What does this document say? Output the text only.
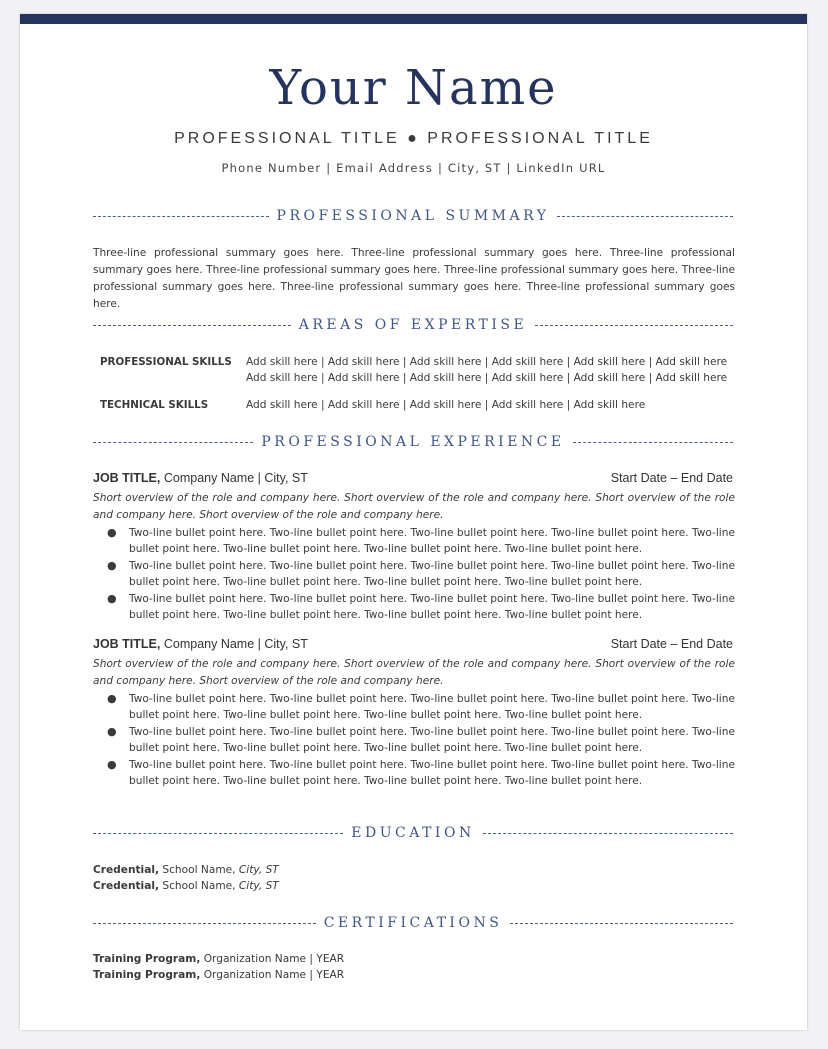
Your Name
PROFESSIONAL TITLE ● PROFESSIONAL TITLE
Phone Number | Email Address | City, ST | LinkedIn URL
PROFESSIONAL SUMMARY
Three-line professional summary goes here. Three-line professional summary goes here. Three-line professional summary goes here. Three-line professional summary goes here. Three-line professional summary goes here. Three-line professional summary goes here. Three-line professional summary goes here. Three-line professional summary goes here.
AREAS OF EXPERTISE
PROFESSIONAL SKILLS	Add skill here | Add skill here | Add skill here | Add skill here | Add skill here | Add skill here Add skill here | Add skill here | Add skill here | Add skill here | Add skill here | Add skill here
TECHNICAL SKILLS	Add skill here | Add skill here | Add skill here | Add skill here | Add skill here
PROFESSIONAL EXPERIENCE
JOB TITLE, Company Name | City, ST	Start Date – End Date
Short overview of the role and company here. Short overview of the role and company here. Short overview of the role and company here. Short overview of the role and company here.
● Two-line bullet point here. Two-line bullet point here. Two-line bullet point here. Two-line bullet point here. Two-line bullet point here. Two-line bullet point here. Two-line bullet point here. Two-line bullet point here.
● Two-line bullet point here. Two-line bullet point here. Two-line bullet point here. Two-line bullet point here. Two-line bullet point here. Two-line bullet point here. Two-line bullet point here. Two-line bullet point here.
● Two-line bullet point here. Two-line bullet point here. Two-line bullet point here. Two-line bullet point here. Two-line bullet point here. Two-line bullet point here. Two-line bullet point here. Two-line bullet point here.
JOB TITLE, Company Name | City, ST	Start Date – End Date
Short overview of the role and company here. Short overview of the role and company here. Short overview of the role and company here. Short overview of the role and company here.
● Two-line bullet point here. Two-line bullet point here. Two-line bullet point here. Two-line bullet point here. Two-line bullet point here. Two-line bullet point here. Two-line bullet point here. Two-line bullet point here.
● Two-line bullet point here. Two-line bullet point here. Two-line bullet point here. Two-line bullet point here. Two-line bullet point here. Two-line bullet point here. Two-line bullet point here. Two-line bullet point here.
● Two-line bullet point here. Two-line bullet point here. Two-line bullet point here. Two-line bullet point here. Two-line bullet point here. Two-line bullet point here. Two-line bullet point here. Two-line bullet point here.
EDUCATION
Credential, School Name, City, ST
Credential, School Name, City, ST
CERTIFICATIONS
Training Program, Organization Name | YEAR
Training Program, Organization Name | YEAR
